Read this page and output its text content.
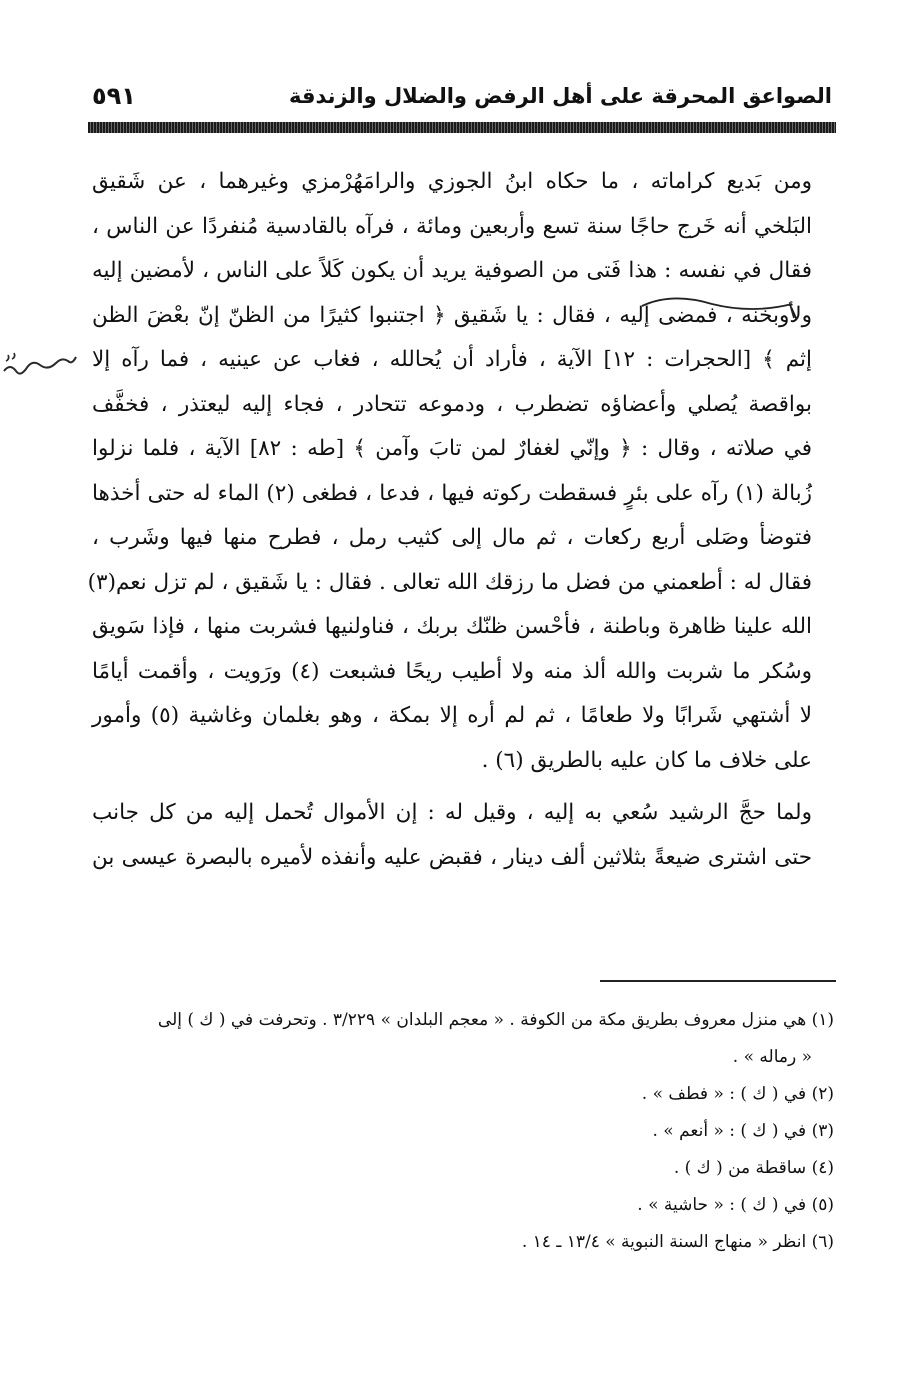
الصواعق المحرقة على أهل الرفض والضلال والزندقة
٥٩١
ومن بَديع كراماته ، ما حكاه ابنُ الجوزي والرامَهُرْمزي وغيرهما ، عن شَقيق
البَلخي أنه خَرج حاجًا سنة تسع وأربعين ومائة ، فرآه بالقادسية مُنفردًا عن الناس ،
فقال في نفسه : هذا فَتى من الصوفية يريد أن يكون كَلاً على الناس ، لأمضين إليه
ولأوبخنه ، فمضى إليه ، فقال : يا شَقيق ﴿ اجتنبوا كثيرًا من الظنّ إنّ بعْضَ الظن
إثم ﴾ [الحجرات : ١٢] الآية ، فأراد أن يُحالله ، فغاب عن عينيه ، فما رآه إلا
بواقصة يُصلي وأعضاؤه تضطرب ، ودموعه تتحادر ، فجاء إليه ليعتذر ، فخفَّف
في صلاته ، وقال : ﴿ وإنّي لغفارٌ لمن تابَ وآمن ﴾ [طه : ٨٢] الآية ، فلما نزلوا
زُبالة (١) رآه على بئرٍ فسقطت ركوته فيها ، فدعا ، فطغى (٢) الماء له حتى أخذها
فتوضأ وصَلى أربع ركعات ، ثم مال إلى كثيب رمل ، فطرح منها فيها وشَرب ،
فقال له : أطعمني من فضل ما رزقك الله تعالى . فقال : يا شَقيق ، لم تزل نعم(٣)
الله علينا ظاهرة وباطنة ، فأحْسن ظنّك بربك ، فناولنيها فشربت منها ، فإذا سَويق
وسُكر ما شربت والله ألذ منه ولا أطيب ريحًا فشبعت (٤) ورَويت ، وأقمت أيامًا
لا أشتهي شَرابًا ولا طعامًا ، ثم لم أره إلا بمكة ، وهو بغلمان وغاشية (٥) وأمور
على خلاف ما كان عليه بالطريق (٦) .
ولما حجَّ الرشيد سُعي به إليه ، وقيل له : إن الأموال تُحمل إليه من كل جانب
حتى اشترى ضيعةً بثلاثين ألف دينار ، فقبض عليه وأنفذه لأميره بالبصرة عيسى بن
(١) هي منزل معروف بطريق مكة من الكوفة . « معجم البلدان » ٣/٢٢٩ . وتحرفت في ( ك ) إلى
« رماله » .
(٢) في ( ك ) : « فطف » .
(٣) في ( ك ) : « أنعم » .
(٤) ساقطة من ( ك ) .
(٥) في ( ك ) : « حاشية » .
(٦) انظر « منهاج السنة النبوية » ١٣/٤ ـ ١٤ .
